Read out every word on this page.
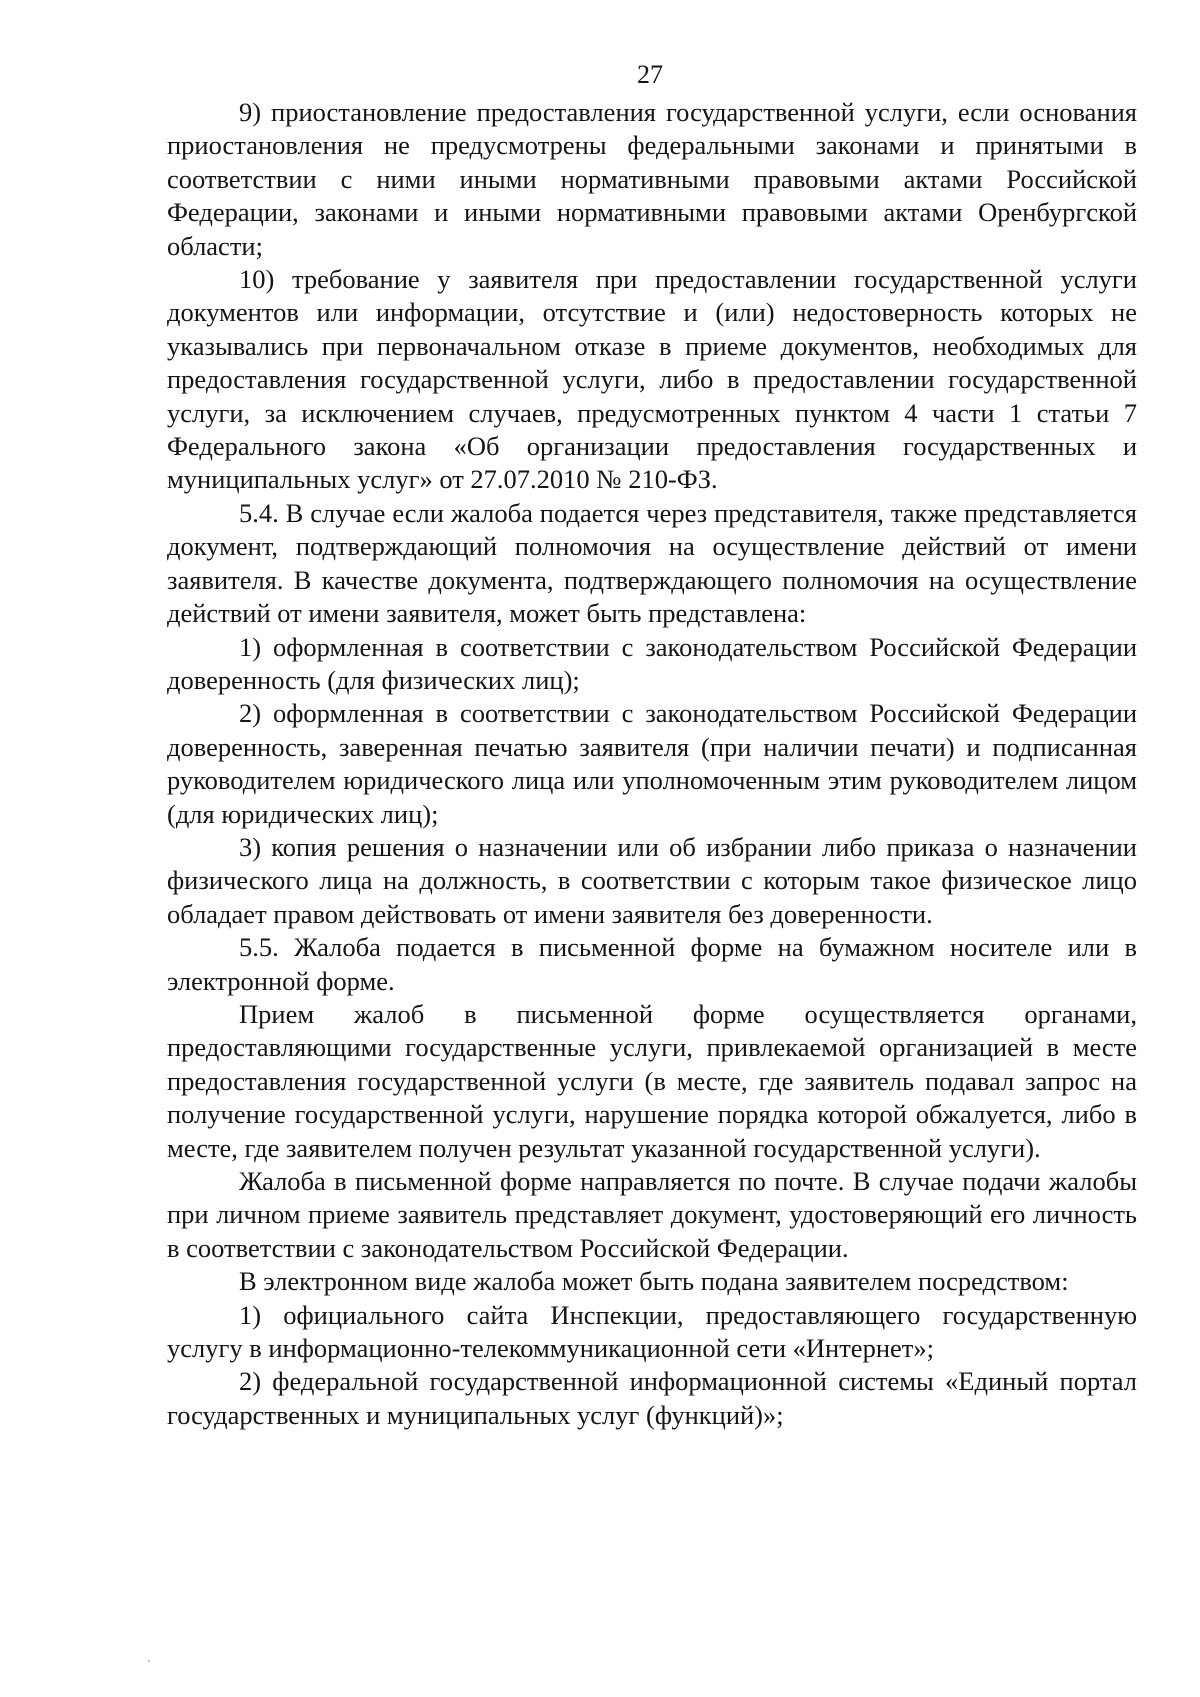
27

9) приостановление предоставления государственной услуги, если основания приостановления не предусмотрены федеральными законами и принятыми в соответствии с ними иными нормативными правовыми актами Российской Федерации, законами и иными нормативными правовыми актами Оренбургской области;

10) требование у заявителя при предоставлении государственной услуги документов или информации, отсутствие и (или) недостоверность которых не указывались при первоначальном отказе в приеме документов, необходимых для предоставления государственной услуги, либо в предоставлении государственной услуги, за исключением случаев, предусмотренных пунктом 4 части 1 статьи 7 Федерального закона «Об организации предоставления государственных и муниципальных услуг» от 27.07.2010 № 210-ФЗ.

5.4. В случае если жалоба подается через представителя, также представляется документ, подтверждающий полномочия на осуществление действий от имени заявителя. В качестве документа, подтверждающего полномочия на осуществление действий от имени заявителя, может быть представлена:

1) оформленная в соответствии с законодательством Российской Федерации доверенность (для физических лиц);

2) оформленная в соответствии с законодательством Российской Федерации доверенность, заверенная печатью заявителя (при наличии печати) и подписанная руководителем юридического лица или уполномоченным этим руководителем лицом (для юридических лиц);

3) копия решения о назначении или об избрании либо приказа о назначении физического лица на должность, в соответствии с которым такое физическое лицо обладает правом действовать от имени заявителя без доверенности.

5.5. Жалоба подается в письменной форме на бумажном носителе или в электронной форме.

Прием жалоб в письменной форме осуществляется органами, предоставляющими государственные услуги, привлекаемой организацией в месте предоставления государственной услуги (в месте, где заявитель подавал запрос на получение государственной услуги, нарушение порядка которой обжалуется, либо в месте, где заявителем получен результат указанной государственной услуги).

Жалоба в письменной форме направляется по почте. В случае подачи жалобы при личном приеме заявитель представляет документ, удостоверяющий его личность в соответствии с законодательством Российской Федерации.

В электронном виде жалоба может быть подана заявителем посредством:

1) официального сайта Инспекции, предоставляющего государственную услугу в информационно-телекоммуникационной сети «Интернет»;

2) федеральной государственной информационной системы «Единый портал государственных и муниципальных услуг (функций)»;
